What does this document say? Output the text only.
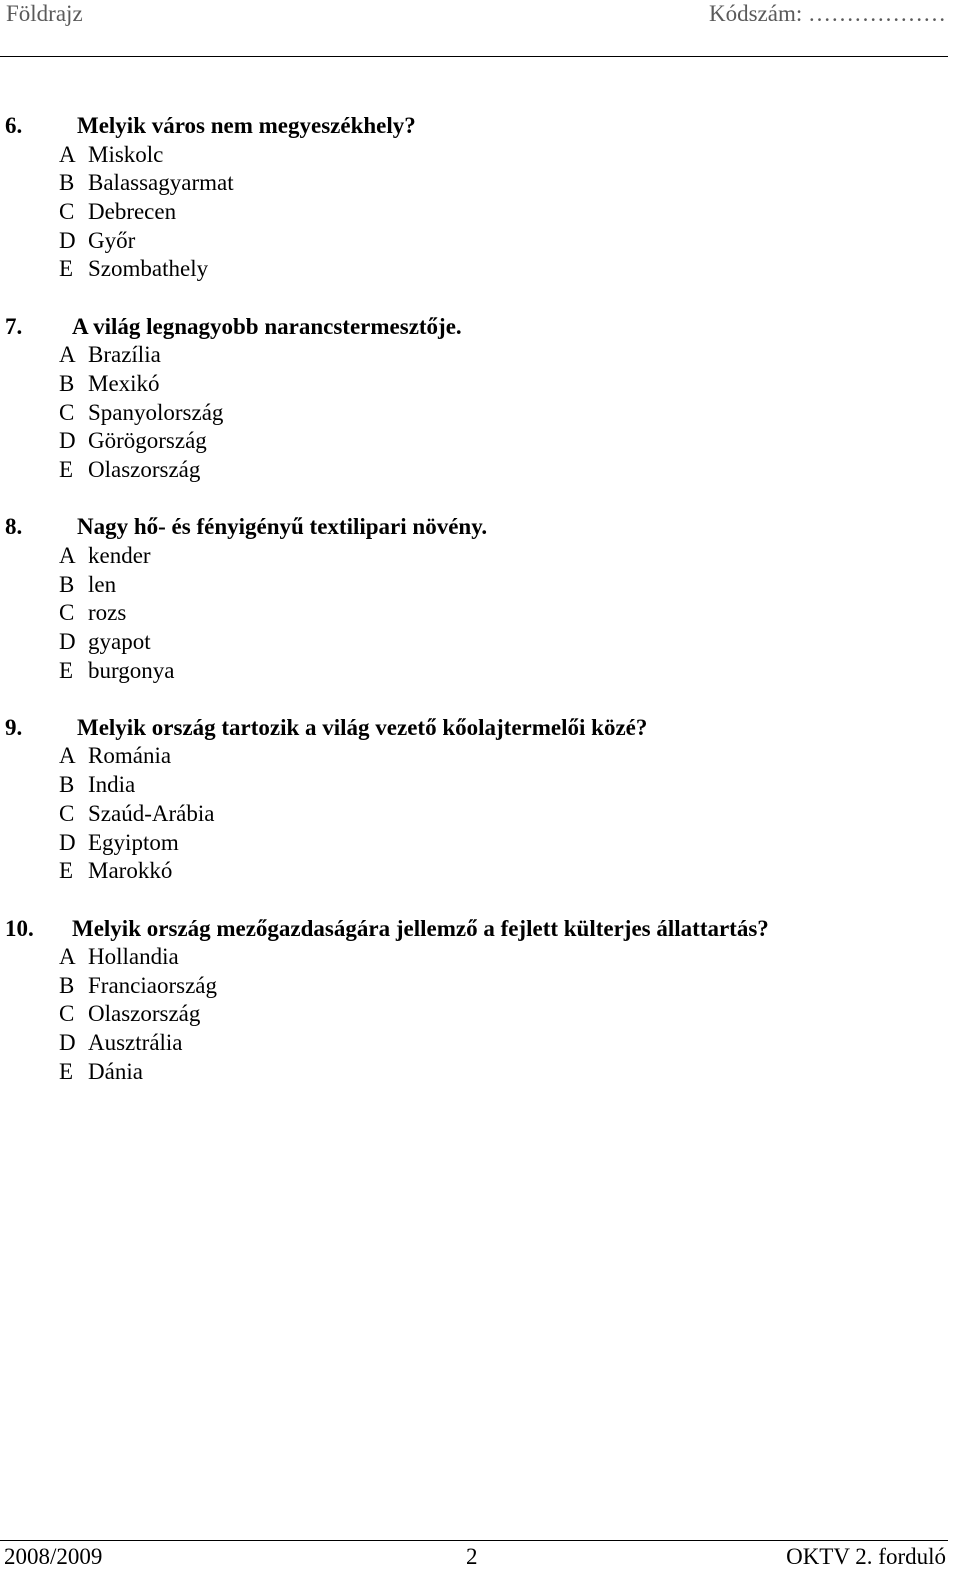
Földrajz	Kódszám: ………………
6. Melyik város nem megyeszékhely?
A Miskolc
B Balassagyarmat
C Debrecen
D Győr
E Szombathely
7. A világ legnagyobb narancstermesztője.
A Brazília
B Mexikó
C Spanyolország
D Görögország
E Olaszország
8. Nagy hő- és fényigényű textilipari növény.
A kender
B len
C rozs
D gyapot
E burgonya
9. Melyik ország tartozik a világ vezető kőolajtermelői közé?
A Románia
B India
C Szaúd-Arábia
D Egyiptom
E Marokkó
10. Melyik ország mezőgazdaságára jellemző a fejlett külterjes állattartás?
A Hollandia
B Franciaország
C Olaszország
D Ausztrália
E Dánia
2008/2009	2	OKTV 2. forduló
